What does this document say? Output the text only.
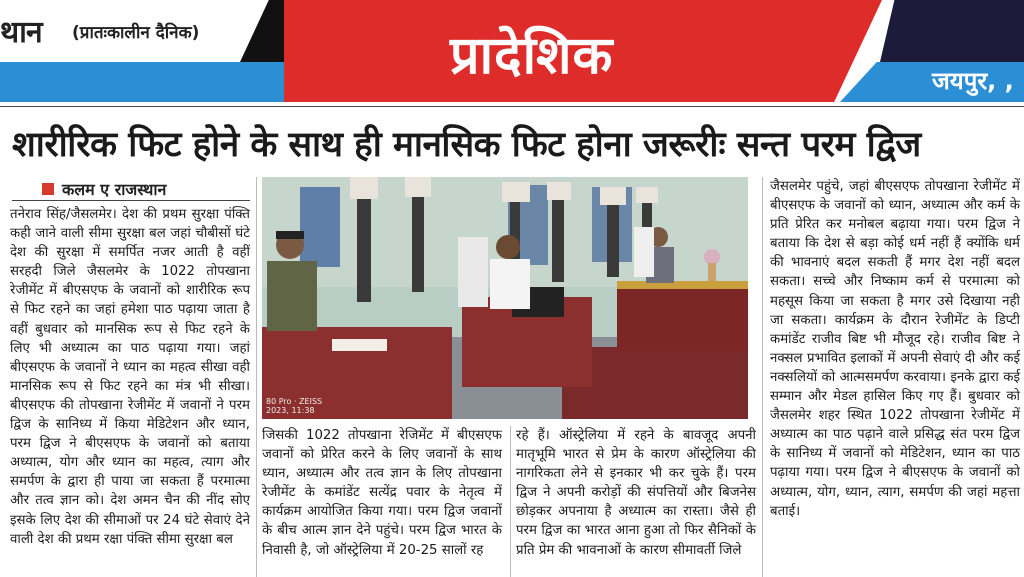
थान (प्रातःकालीन दैनिक)	प्रादेशिक	जयपुर, ,
शारीरिक फिट होने के साथ ही मानसिक फिट होना जरूरीः सन्त परम द्विज
कलम ए राजस्थान
80 Pro · ZEISS
2023, 11:38
तनेराव सिंह/जैसलमेर। देश की प्रथम सुरक्षा पंक्ति कही जाने वाली सीमा सुरक्षा बल जहां चौबीसों घंटे देश की सुरक्षा में समर्पित नजर आती है वहीं सरहदी जिले जैसलमेर के 1022 तोपखाना रेजीमेंट में बीएसएफ के जवानों को शारीरिक रूप से फिट रहने का जहां हमेशा पाठ पढ़ाया जाता है वहीं बुधवार को मानसिक रूप से फिट रहने के लिए भी अध्यात्म का पाठ पढ़ाया गया। जहां बीएसएफ के जवानों ने ध्यान का महत्व सीखा वही मानसिक रूप से फिट रहने का मंत्र भी सीखा। बीएसएफ की तोपखाना रेजीमेंट में जवानों ने परम द्विज के सानिध्य में किया मेडिटेशन और ध्यान, परम द्विज ने बीएसएफ के जवानों को बताया अध्यात्म, योग और ध्यान का महत्व, त्याग और समर्पण के द्वारा ही पाया जा सकता हैं परमात्मा और तत्व ज्ञान को। देश अमन चैन की नींद सोए इसके लिए देश की सीमाओं पर 24 घंटे सेवाएं देने वाली देश की प्रथम रक्षा पंक्ति सीमा सुरक्षा बल
जिसकी 1022 तोपखाना रेजिमेंट में बीएसएफ जवानों को प्रेरित करने के लिए जवानों के साथ ध्यान, अध्यात्म और तत्व ज्ञान के लिए तोपखाना रेजीमेंट के कमांडेंट सत्येंद्र पवार के नेतृत्व में कार्यक्रम आयोजित किया गया। परम द्विज जवानों के बीच आत्म ज्ञान देने पहुंचे। परम द्विज भारत के निवासी है, जो ऑस्ट्रेलिया में 20-25 सालों रह
रहे हैं। ऑस्ट्रेलिया में रहने के बावजूद अपनी मातृभूमि भारत से प्रेम के कारण ऑस्ट्रेलिया की नागरिकता लेने से इनकार भी कर चुके हैं। परम द्विज ने अपनी करोड़ों की संपत्तियों और बिजनेस छोड़कर अपनाया है अध्यात्म का रास्ता। जैसे ही परम द्विज का भारत आना हुआ तो फिर सैनिकों के प्रति प्रेम की भावनाओं के कारण सीमावर्ती जिले
जैसलमेर पहुंचे, जहां बीएसएफ तोपखाना रेजीमेंट में बीएसएफ के जवानों को ध्यान, अध्यात्म और कर्म के प्रति प्रेरित कर मनोबल बढ़ाया गया। परम द्विज ने बताया कि देश से बड़ा कोई धर्म नहीं हैं क्योंकि धर्म की भावनाएं बदल सकती हैं मगर देश नहीं बदल सकता। सच्चे और निष्काम कर्म से परमात्मा को महसूस किया जा सकता है मगर उसे दिखाया नही जा सकता। कार्यक्रम के दौरान रेजीमेंट के डिप्टी कमांडेंट राजीव बिष्ट भी मौजूद रहे। राजीव बिष्ट ने नक्सल प्रभावित इलाकों में अपनी सेवाएं दी और कई नक्सलियों को आत्मसमर्पण करवाया। इनके द्वारा कई सम्मान और मेडल हासिल किए गए हैं। बुधवार को जैसलमेर शहर स्थित 1022 तोपखाना रेजीमेंट में अध्यात्म का पाठ पढ़ाने वाले प्रसिद्ध संत परम द्विज के सानिध्य में जवानों को मेडिटेशन, ध्यान का पाठ पढ़ाया गया। परम द्विज ने बीएसएफ के जवानों को अध्यात्म, योग, ध्यान, त्याग, समर्पण की जहां महत्ता बताई।
